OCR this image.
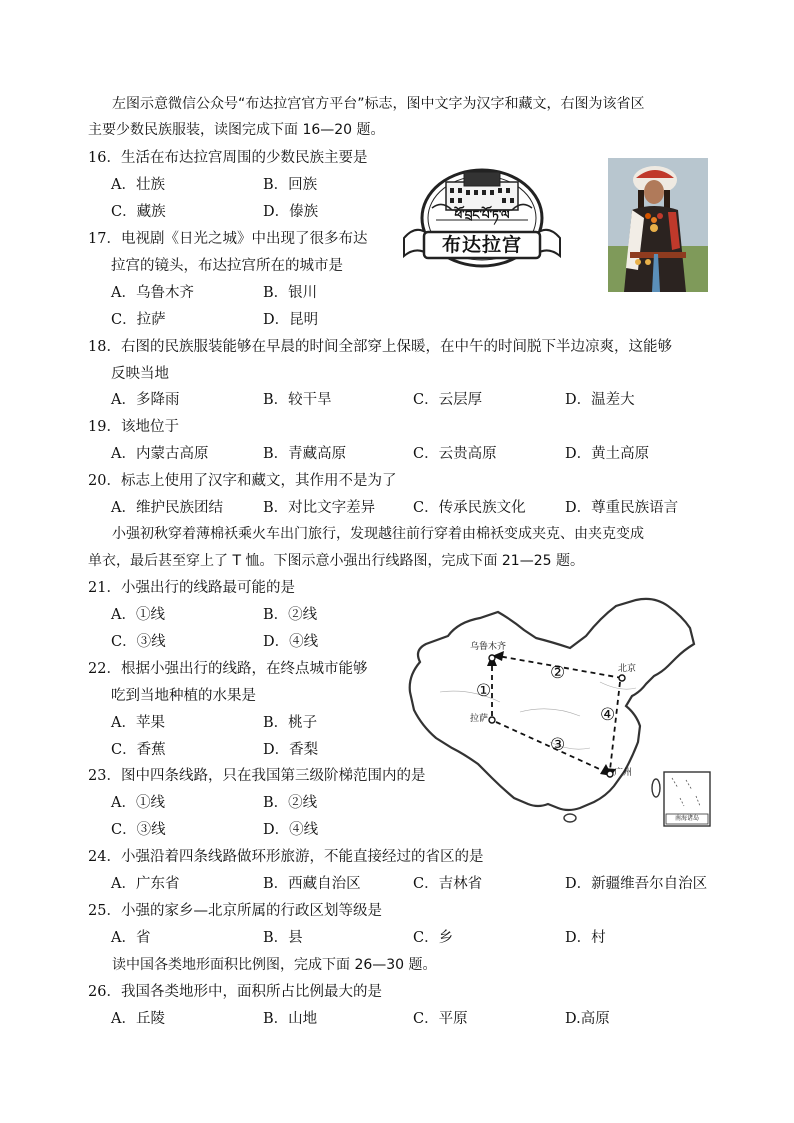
左图示意微信公众号“布达拉宫官方平台”标志，图中文字为汉字和藏文，右图为该省区
主要少数民族服装，读图完成下面 16—20 题。
16．生活在布达拉宫周围的少数民族主要是
A．壮族	B．回族
C．藏族	D．傣族
17．电视剧《日光之城》中出现了很多布达
拉宫的镜头，布达拉宫所在的城市是
A．乌鲁木齐	B．银川
C．拉萨	D．昆明
ཕོ་བྲང་པོ་ཏ་ལ
布达拉宫
18．右图的民族服装能够在早晨的时间全部穿上保暖，在中午的时间脱下半边凉爽，这能够
反映当地
A．多降雨	B．较干旱	C．云层厚	D．温差大
19．该地位于
A．内蒙古高原	B．青藏高原	C．云贵高原	D．黄土高原
20．标志上使用了汉字和藏文，其作用不是为了
A．维护民族团结	B．对比文字差异	C．传承民族文化	D．尊重民族语言
小强初秋穿着薄棉袄乘火车出门旅行，发现越往前行穿着由棉袄变成夹克、由夹克变成
单衣，最后甚至穿上了 T 恤。下图示意小强出行线路图，完成下面 21—25 题。
21．小强出行的线路最可能的是
A．①线	B．②线
C．③线	D．④线
22．根据小强出行的线路，在终点城市能够
吃到当地种植的水果是
A．苹果	B．桃子
C．香蕉	D．香梨
23．图中四条线路，只在我国第三级阶梯范围内的是
A．①线	B．②线
C．③线	D．④线
乌鲁木齐
北京
拉萨
广州
①
②
③
④
南海诸岛
24．小强沿着四条线路做环形旅游，不能直接经过的省区的是
A．广东省	B．西藏自治区	C．吉林省	D．新疆维吾尔自治区
25．小强的家乡—北京所属的行政区划等级是
A．省	B．县	C．乡	D．村
读中国各类地形面积比例图，完成下面 26—30 题。
26．我国各类地形中，面积所占比例最大的是
A．丘陵	B．山地	C．平原	D.高原
